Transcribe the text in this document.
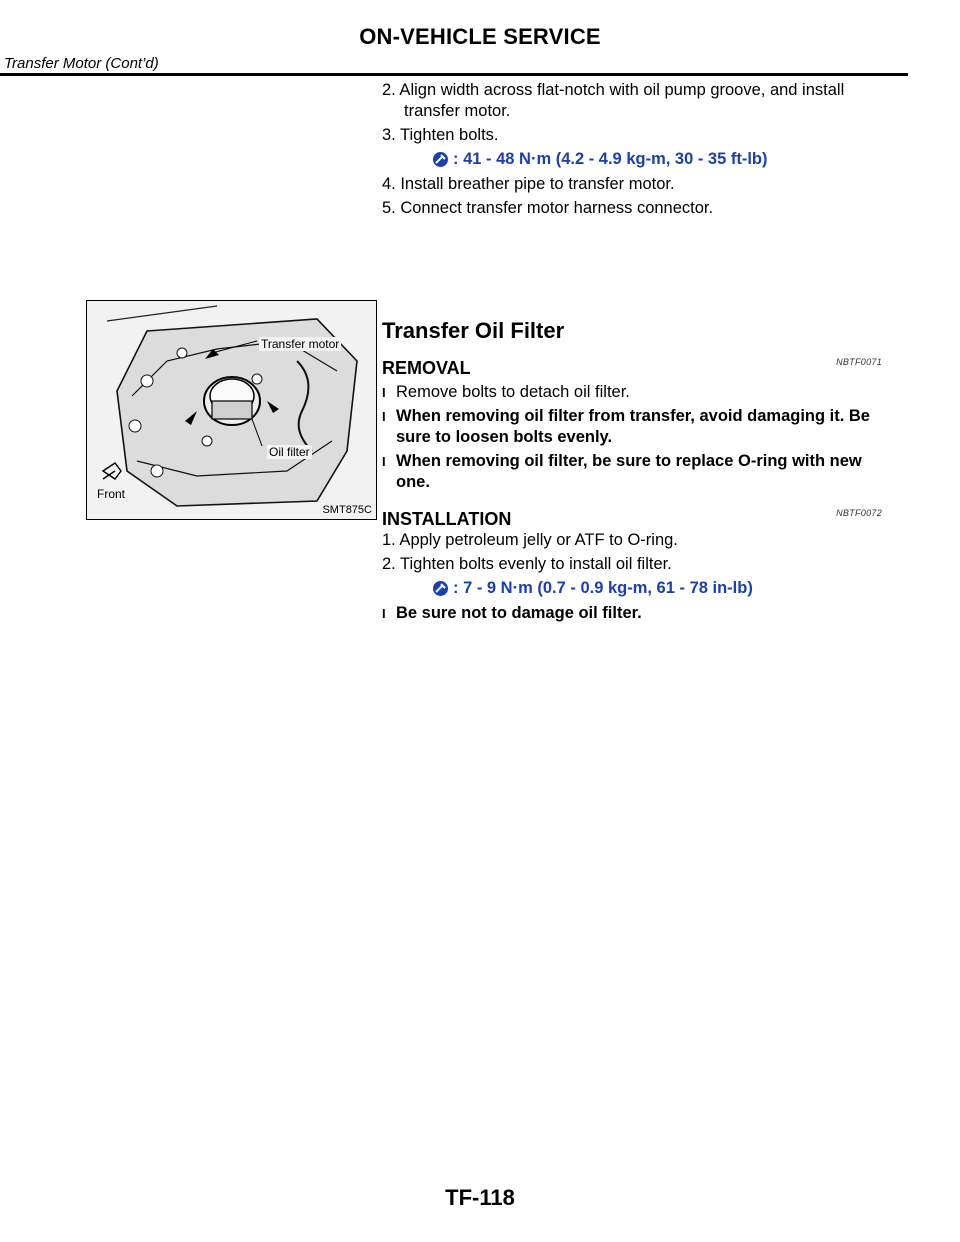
ON-VEHICLE SERVICE
Transfer Motor (Cont’d)
Transfer motor
Oil filter
Front
SMT875C

2. Align width across flat-notch with oil pump groove, and install transfer motor.

3. Tighten bolts.

: 41 - 48 N·m (4.2 - 4.9 kg-m, 30 - 35 ft-lb)

4. Install breather pipe to transfer motor.

5. Connect transfer motor harness connector.

Transfer Oil Filter
REMOVAL	NBTF0071
I Remove bolts to detach oil filter.
I When removing oil filter from transfer, avoid damaging it. Be sure to loosen bolts evenly.
I When removing oil filter, be sure to replace O-ring with new one.
INSTALLATION	NBTF0072

1. Apply petroleum jelly or ATF to O-ring.

2. Tighten bolts evenly to install oil filter.

: 7 - 9 N·m (0.7 - 0.9 kg-m, 61 - 78 in-lb)
I Be sure not to damage oil filter.
TF-118
